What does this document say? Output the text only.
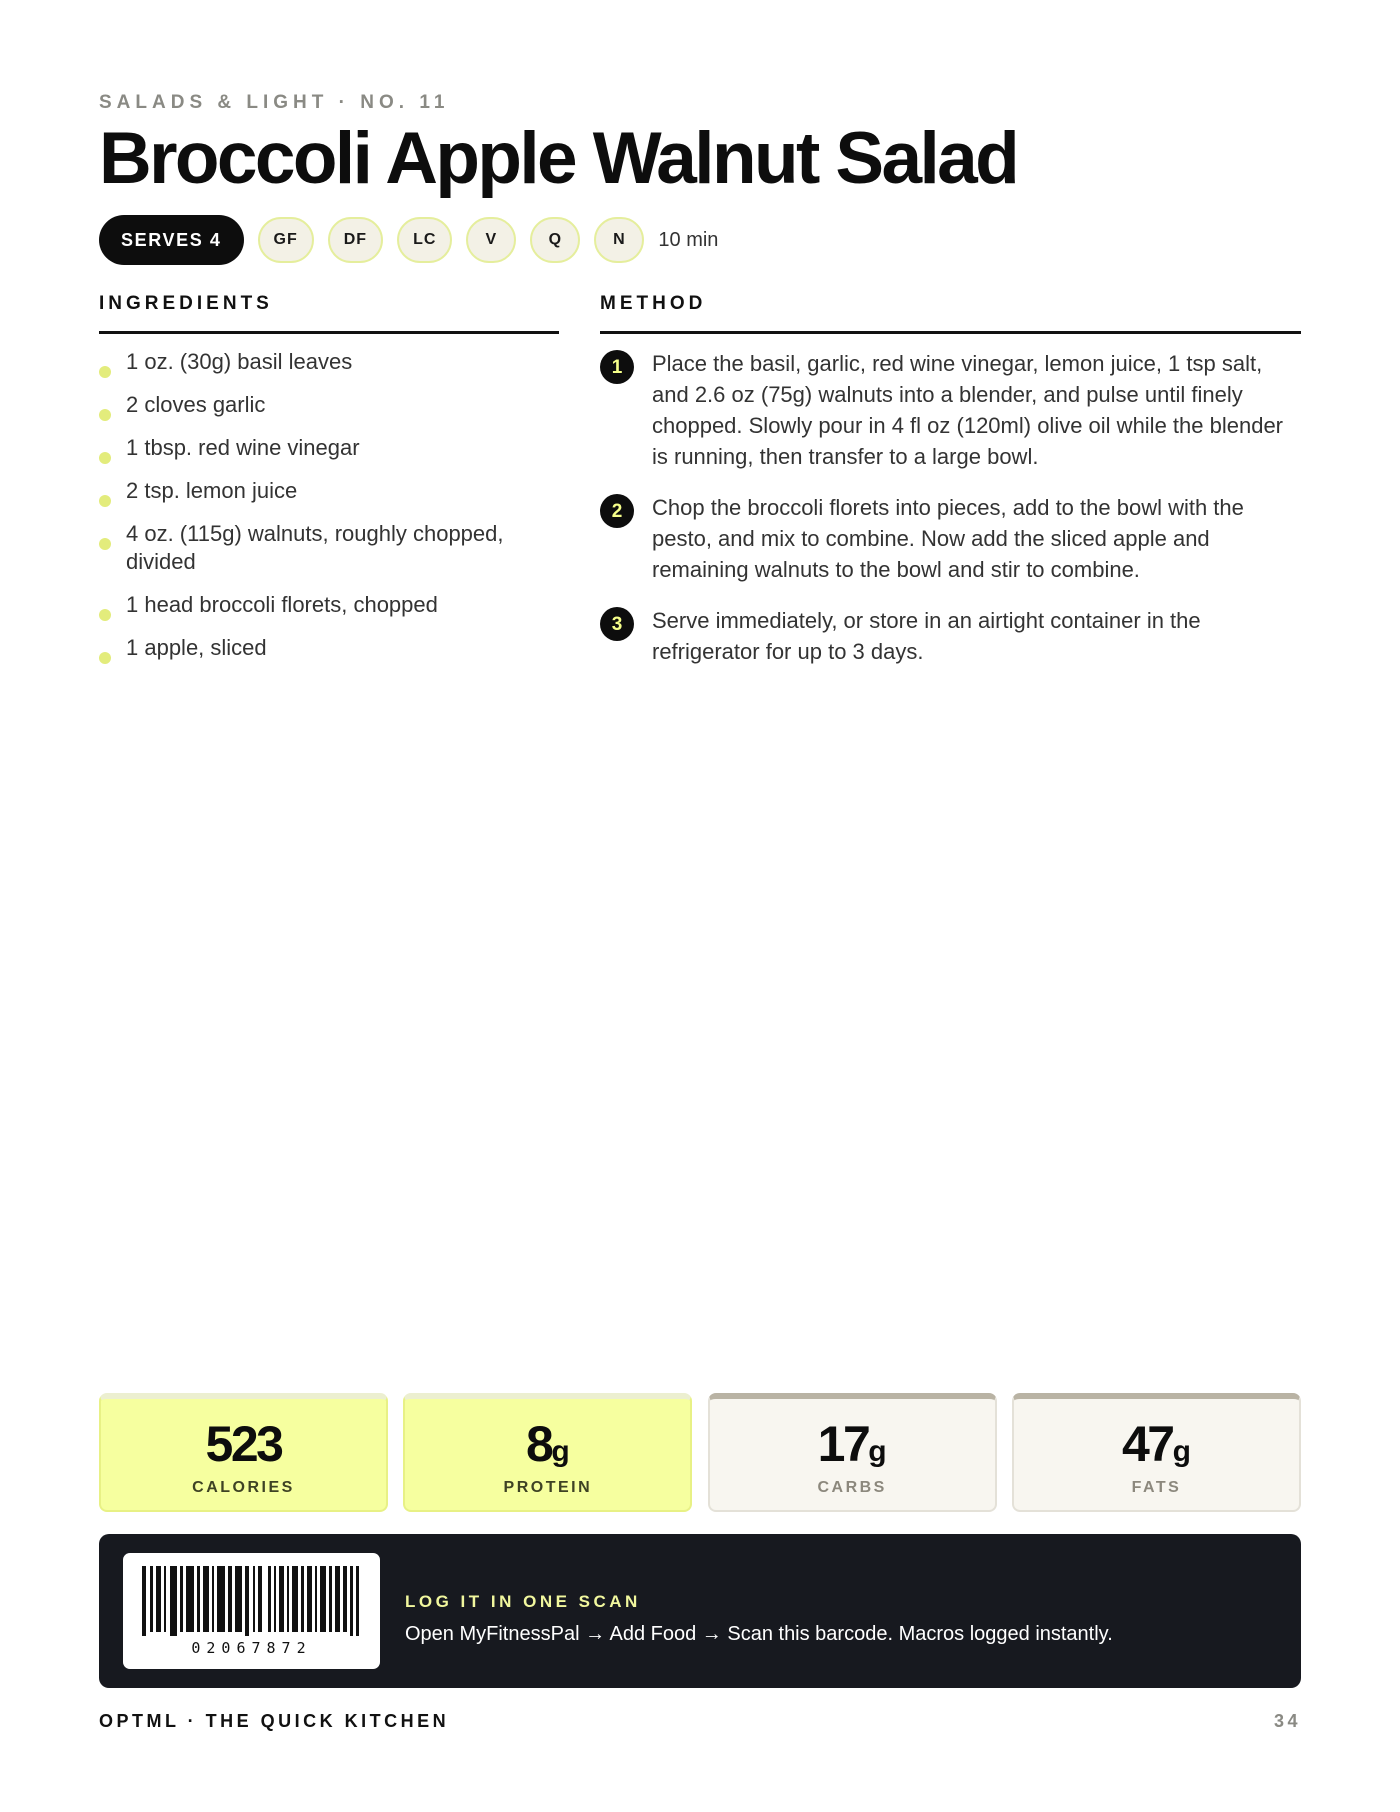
SALADS & LIGHT · NO. 11
Broccoli Apple Walnut Salad
SERVES 4	GF	DF	LC	V	Q	N	10 min
INGREDIENTS	METHOD
1 oz. (30g) basil leaves
2 cloves garlic
1 tbsp. red wine vinegar
2 tsp. lemon juice
4 oz. (115g) walnuts, roughly chopped, divided
1 head broccoli florets, chopped
1 apple, sliced
1	Place the basil, garlic, red wine vinegar, lemon juice, 1 tsp salt, and 2.6 oz (75g) walnuts into a blender, and pulse until finely chopped. Slowly pour in 4 fl oz (120ml) olive oil while the blender is running, then transfer to a large bowl.
2	Chop the broccoli florets into pieces, add to the bowl with the pesto, and mix to combine. Now add the sliced apple and remaining walnuts to the bowl and stir to combine.
3	Serve immediately, or store in an airtight container in the refrigerator for up to 3 days.
523
CALORIES
8g
PROTEIN
17g
CARBS
47g
FATS
02067872
LOG IT IN ONE SCAN
Open MyFitnessPal → Add Food → Scan this barcode. Macros logged instantly.
OPTML · THE QUICK KITCHEN	34
